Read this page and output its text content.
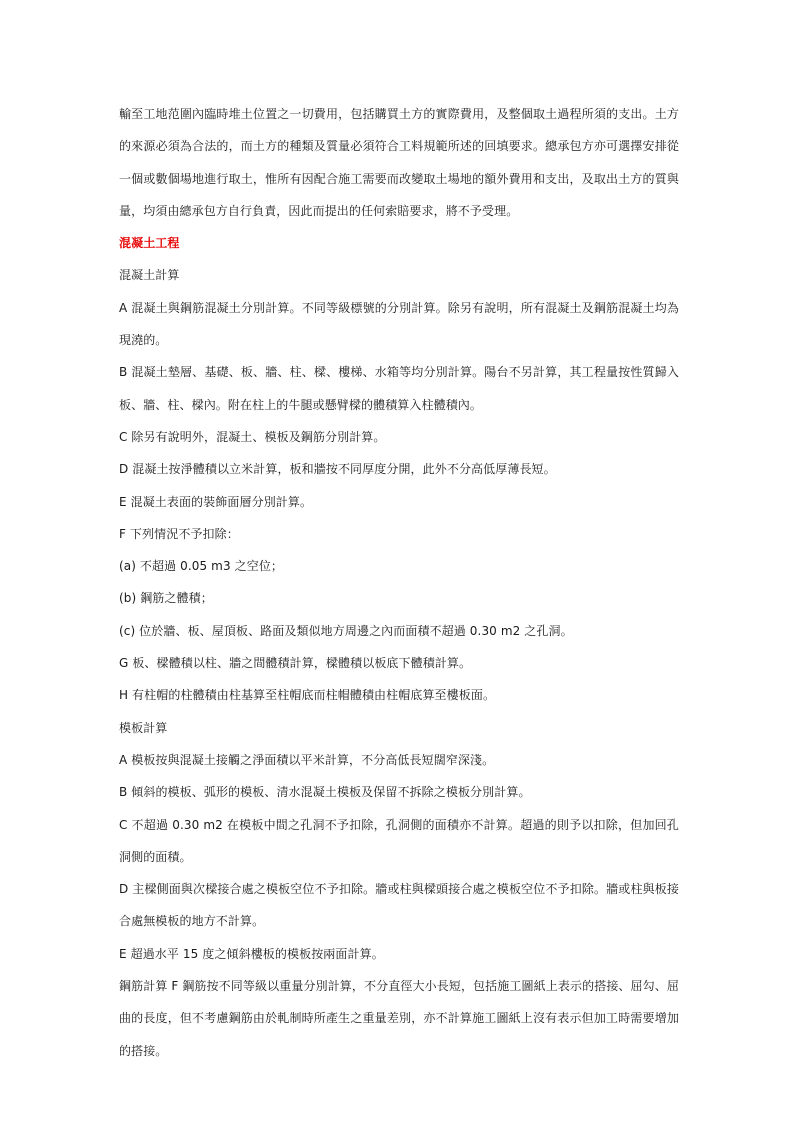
輸至工地范圍內臨時堆土位置之一切費用，包括購買土方的實際費用，及整個取土過程所須的支出。土方的來源必須為合法的，而土方的種類及質量必須符合工料規範所述的回填要求。總承包方亦可選擇安排從一個或數個場地進行取土，惟所有因配合施工需要而改變取土場地的額外費用和支出，及取出土方的質與量，均須由總承包方自行負責，因此而提出的任何索賠要求，將不予受理。

混凝土工程

混凝土計算

A 混凝土與鋼筋混凝土分別計算。不同等級標號的分別計算。除另有說明，所有混凝土及鋼筋混凝土均為現澆的。

B 混凝土墊層、基礎、板、牆、柱、樑、樓梯、水箱等均分別計算。陽台不另計算，其工程量按性質歸入板、牆、柱、樑內。附在柱上的牛腿或懸臂樑的體積算入柱體積內。

C 除另有說明外，混凝土、模板及鋼筋分別計算。

D 混凝土按淨體積以立米計算，板和牆按不同厚度分開，此外不分高低厚薄長短。

E 混凝土表面的裝飾面層分別計算。

F 下列情況不予扣除：

(a) 不超過 0.05 m3 之空位；

(b) 鋼筋之體積；

(c) 位於牆、板、屋頂板、路面及類似地方周邊之內而面積不超過 0.30 m2 之孔洞。

G 板、樑體積以柱、牆之間體積計算，樑體積以板底下體積計算。

H 有柱帽的柱體積由柱基算至柱帽底而柱帽體積由柱帽底算至樓板面。

模板計算

A 模板按與混凝土接觸之淨面積以平米計算，不分高低長短闊窄深淺。

B 傾斜的模板、弧形的模板、清水混凝土模板及保留不拆除之模板分別計算。

C 不超過 0.30 m2 在模板中間之孔洞不予扣除，孔洞側的面積亦不計算。超過的則予以扣除，但加回孔洞側的面積。

D 主樑側面與次樑接合處之模板空位不予扣除。牆或柱與樑頭接合處之模板空位不予扣除。牆或柱與板接合處無模板的地方不計算。

E 超過水平 15 度之傾斜樓板的模板按兩面計算。

鋼筋計算 F 鋼筋按不同等級以重量分別計算，不分直徑大小長短，包括施工圖紙上表示的搭接、屈勾、屈曲的長度，但不考慮鋼筋由於軋制時所產生之重量差別，亦不計算施工圖紙上沒有表示但加工時需要增加的搭接。
